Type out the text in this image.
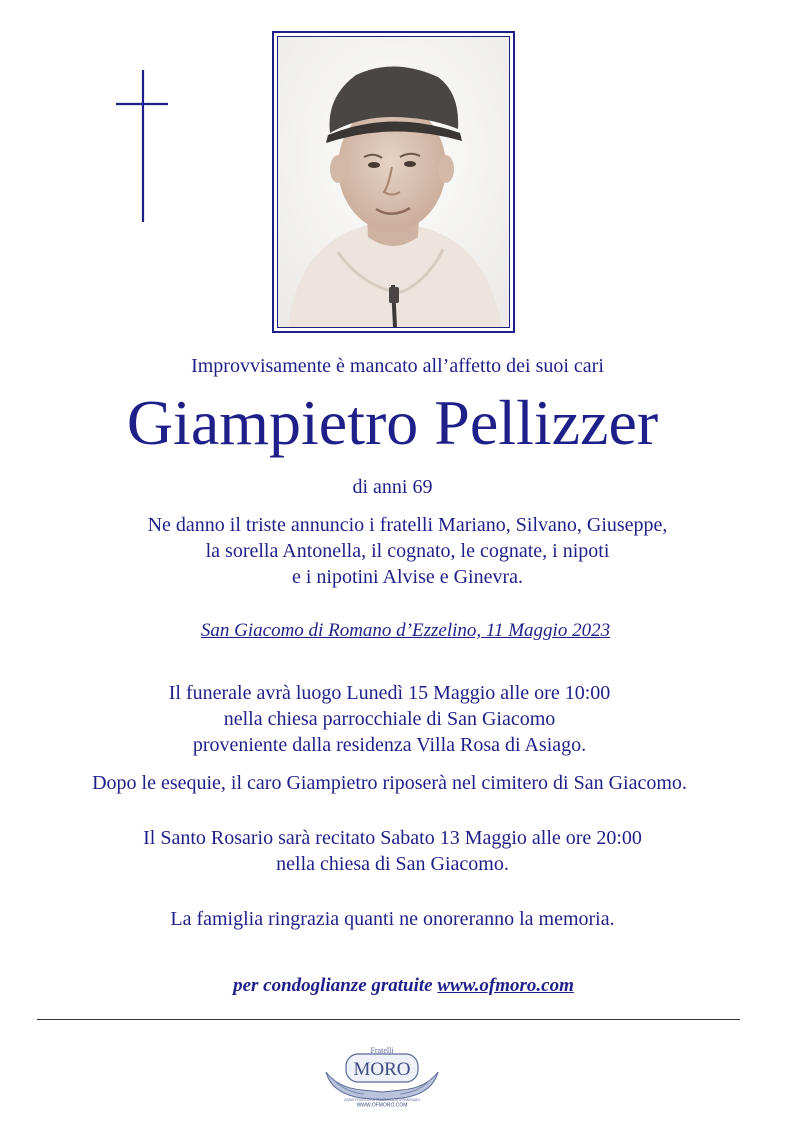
Improvvisamente è mancato all’affetto dei suoi cari
Giampietro Pellizzer
di anni 69
Ne danno il triste annuncio i fratelli Mariano, Silvano, Giuseppe,
la sorella Antonella, il cognato, le cognate, i nipoti
e i nipotini Alvise e Ginevra.
San Giacomo di Romano d’Ezzelino, 11 Maggio 2023
Il funerale avrà luogo Lunedì 15 Maggio alle ore 10:00
nella chiesa parrocchiale di San Giacomo
proveniente dalla residenza Villa Rosa di Asiago.
Dopo le esequie, il caro Giampietro riposerà nel cimitero di San Giacomo.
Il Santo Rosario sarà recitato Sabato 13 Maggio alle ore 20:00
nella chiesa di San Giacomo.
La famiglia ringrazia quanti ne onoreranno la memoria.
per condoglianze gratuite www.ofmoro.com
Fratelli
MORO
ASSISTENZA DIRETTA SENZA INTERMEDIARI
WWW.OFMORO.COM
